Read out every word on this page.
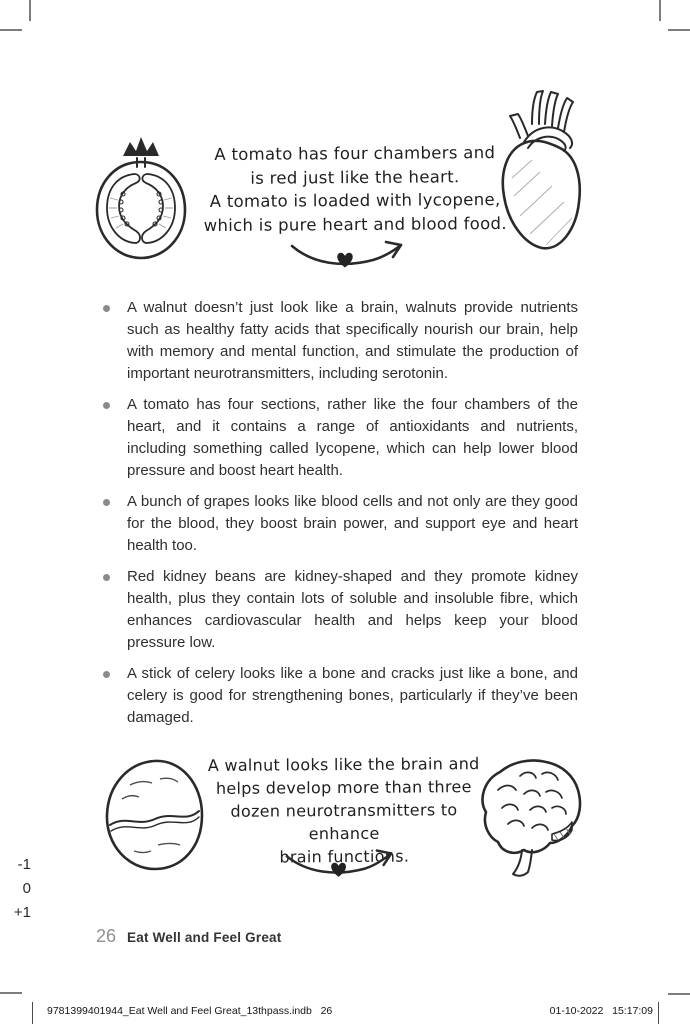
A tomato has four chambers and
is red just like the heart.
A tomato is loaded with lycopene,
which is pure heart and blood food.
A walnut doesn’t just look like a brain, walnuts provide nutrients such as healthy fatty acids that specifically nourish our brain, help with memory and mental function, and stimulate the production of important neurotransmitters, including serotonin.
A tomato has four sections, rather like the four chambers of the heart, and it contains a range of antioxidants and nutrients, including something called lycopene, which can help lower blood pressure and boost heart health.
A bunch of grapes looks like blood cells and not only are they good for the blood, they boost brain power, and support eye and heart health too.
Red kidney beans are kidney-shaped and they promote kidney health, plus they contain lots of soluble and insoluble fibre, which enhances cardiovascular health and helps keep your blood pressure low.
A stick of celery looks like a bone and cracks just like a bone, and celery is good for strengthening bones, particularly if they’ve been damaged.
A walnut looks like the brain and
helps develop more than three
dozen neurotransmitters to enhance
brain functions.
-1
0
+1
26 Eat Well and Feel Great
9781399401944_Eat Well and Feel Great_13thpass.indb   26	01-10-2022   15:17:09
